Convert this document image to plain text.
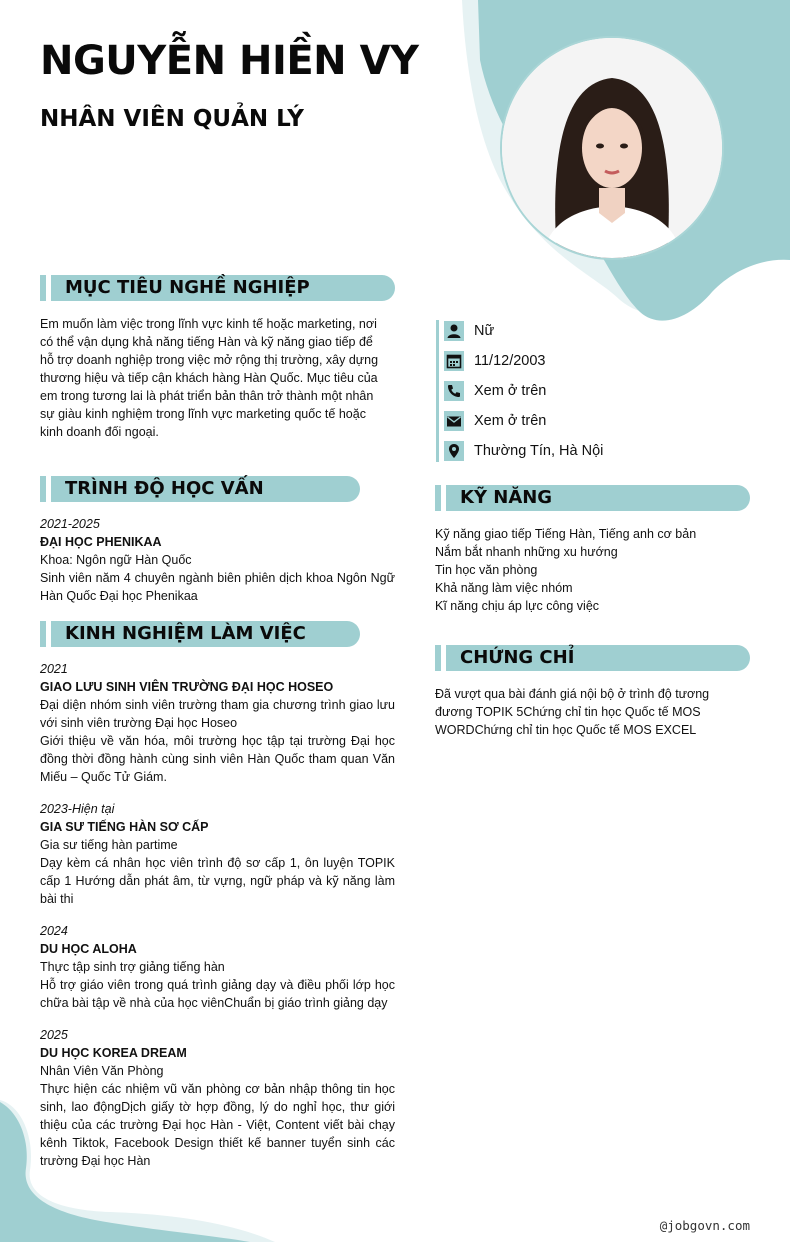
NGUYỄN HIỀN VY
NHÂN VIÊN QUẢN LÝ
MỤC TIÊU NGHỀ NGHIỆP
Em muốn làm việc trong lĩnh vực kinh tế hoặc marketing, nơi
có thể vận dụng khả năng tiếng Hàn và kỹ năng giao tiếp để
hỗ trợ doanh nghiệp trong việc mở rộng thị trường, xây dựng
thương hiệu và tiếp cận khách hàng Hàn Quốc. Mục tiêu của
em trong tương lai là phát triển bản thân trở thành một nhân
sự giàu kinh nghiệm trong lĩnh vực marketing quốc tế hoặc
kinh doanh đối ngoại.
TRÌNH ĐỘ HỌC VẤN
2021-2025
ĐẠI HỌC PHENIKAA
Khoa: Ngôn ngữ Hàn Quốc
Sinh viên năm 4 chuyên ngành biên phiên dịch khoa Ngôn Ngữ Hàn Quốc Đại học Phenikaa
KINH NGHIỆM LÀM VIỆC
2021
GIAO LƯU SINH VIÊN TRƯỜNG ĐẠI HỌC HOSEO
Đại diện nhóm sinh viên trường tham gia chương trình giao lưu với sinh viên trường Đại học Hoseo
Giới thiệu về văn hóa, môi trường học tập tại trường Đại học đồng thời đồng hành cùng sinh viên Hàn Quốc tham quan Văn Miếu – Quốc Tử Giám.
2023-Hiện tại
GIA SƯ TIẾNG HÀN SƠ CẤP
Gia sư tiếng hàn partime
Dạy kèm cá nhân học viên trình độ sơ cấp 1, ôn luyện TOPIK cấp 1 Hướng dẫn phát âm, từ vựng, ngữ pháp và kỹ năng làm bài thi
2024
DU HỌC ALOHA
Thực tập sinh trợ giảng tiếng hàn
Hỗ trợ giáo viên trong quá trình giảng dạy và điều phối lớp học chữa bài tập về nhà của học viênChuẩn bị giáo trình giảng dạy
2025
DU HỌC KOREA DREAM
Nhân Viên Văn Phòng
Thực hiện các nhiệm vũ văn phòng cơ bản nhập thông tin học sinh, lao độngDịch giấy tờ hợp đồng, lý do nghỉ học, thư giới thiệu của các trường Đại học Hàn - Việt, Content viết bài chạy kênh Tiktok, Facebook Design thiết kế banner tuyển sinh các trường Đại học Hàn
Nữ
11/12/2003
Xem ở trên
Xem ở trên
Thường Tín, Hà Nội
KỸ NĂNG
Kỹ năng giao tiếp Tiếng Hàn, Tiếng anh cơ bản
Nắm bắt nhanh những xu hướng
Tin học văn phòng
Khả năng làm việc nhóm
Kĩ năng chịu áp lực công việc
CHỨNG CHỈ
Đã vượt qua bài đánh giá nội bộ ở trình độ tương
đương TOPIK 5Chứng chỉ tin học Quốc tế MOS
WORDChứng chỉ tin học Quốc tế MOS EXCEL
@jobgovn.com
